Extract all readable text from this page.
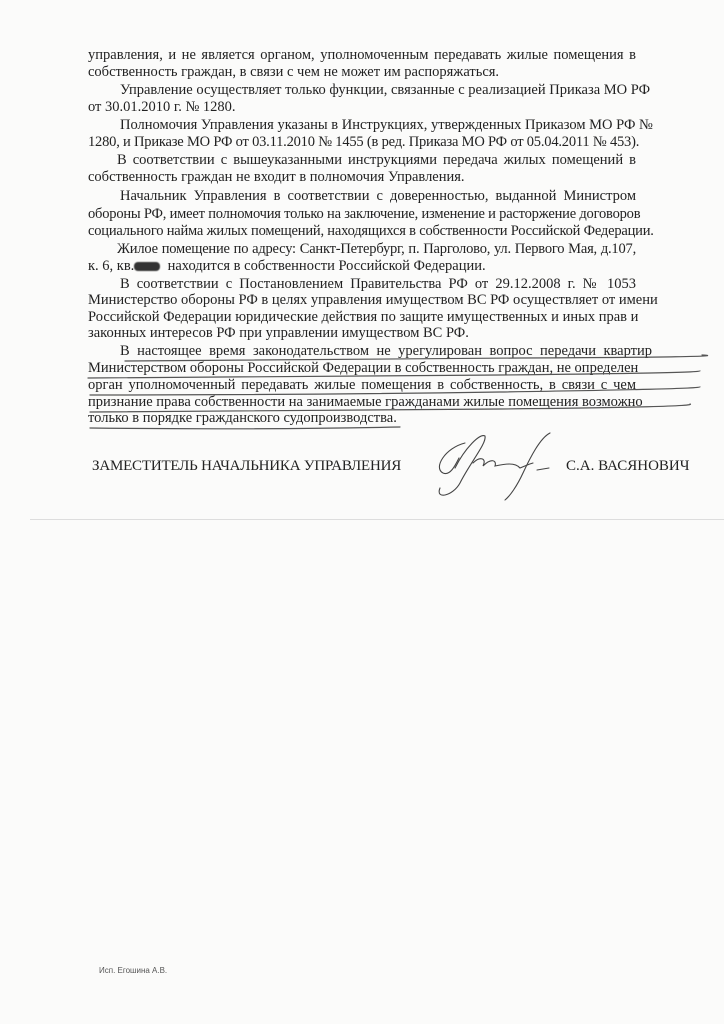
управления, и не является органом, уполномоченным передавать жилые помещения в
собственность граждан, в связи с чем не может им распоряжаться.
Управление осуществляет только функции, связанные с реализацией Приказа МО РФ
от 30.01.2010 г. № 1280.
Полномочия Управления указаны в Инструкциях, утвержденных Приказом МО РФ №
1280, и Приказе МО РФ от 03.11.2010 № 1455 (в ред. Приказа МО РФ от 05.04.2011 № 453).
В соответствии с вышеуказанными инструкциями передача жилых помещений в
собственность граждан не входит в полномочия Управления.
Начальник Управления в соответствии с доверенностью, выданной Министром
обороны РФ, имеет полномочия только на заключение, изменение и расторжение договоров
социального найма жилых помещений, находящихся в собственности Российской Федерации.
Жилое помещение по адресу: Санкт-Петербург, п. Парголово, ул. Первого Мая, д.107,
к. 6, кв. находится в собственности Российской Федерации.
В соответствии с Постановлением Правительства РФ от 29.12.2008 г. № 1053
Министерство обороны РФ в целях управления имуществом ВС РФ осуществляет от имени
Российской Федерации юридические действия по защите имущественных и иных прав и
законных интересов РФ при управлении имуществом ВС РФ.
В настоящее время законодательством не урегулирован вопрос передачи квартир
Министерством обороны Российской Федерации в собственность граждан, не определен
орган уполномоченный передавать жилые помещения в собственность, в связи с чем
признание права собственности на занимаемые гражданами жилые помещения возможно
только в порядке гражданского судопроизводства.
ЗАМЕСТИТЕЛЬ НАЧАЛЬНИКА УПРАВЛЕНИЯ	С.А. ВАСЯНОВИЧ
Исп. Егошина А.В.
